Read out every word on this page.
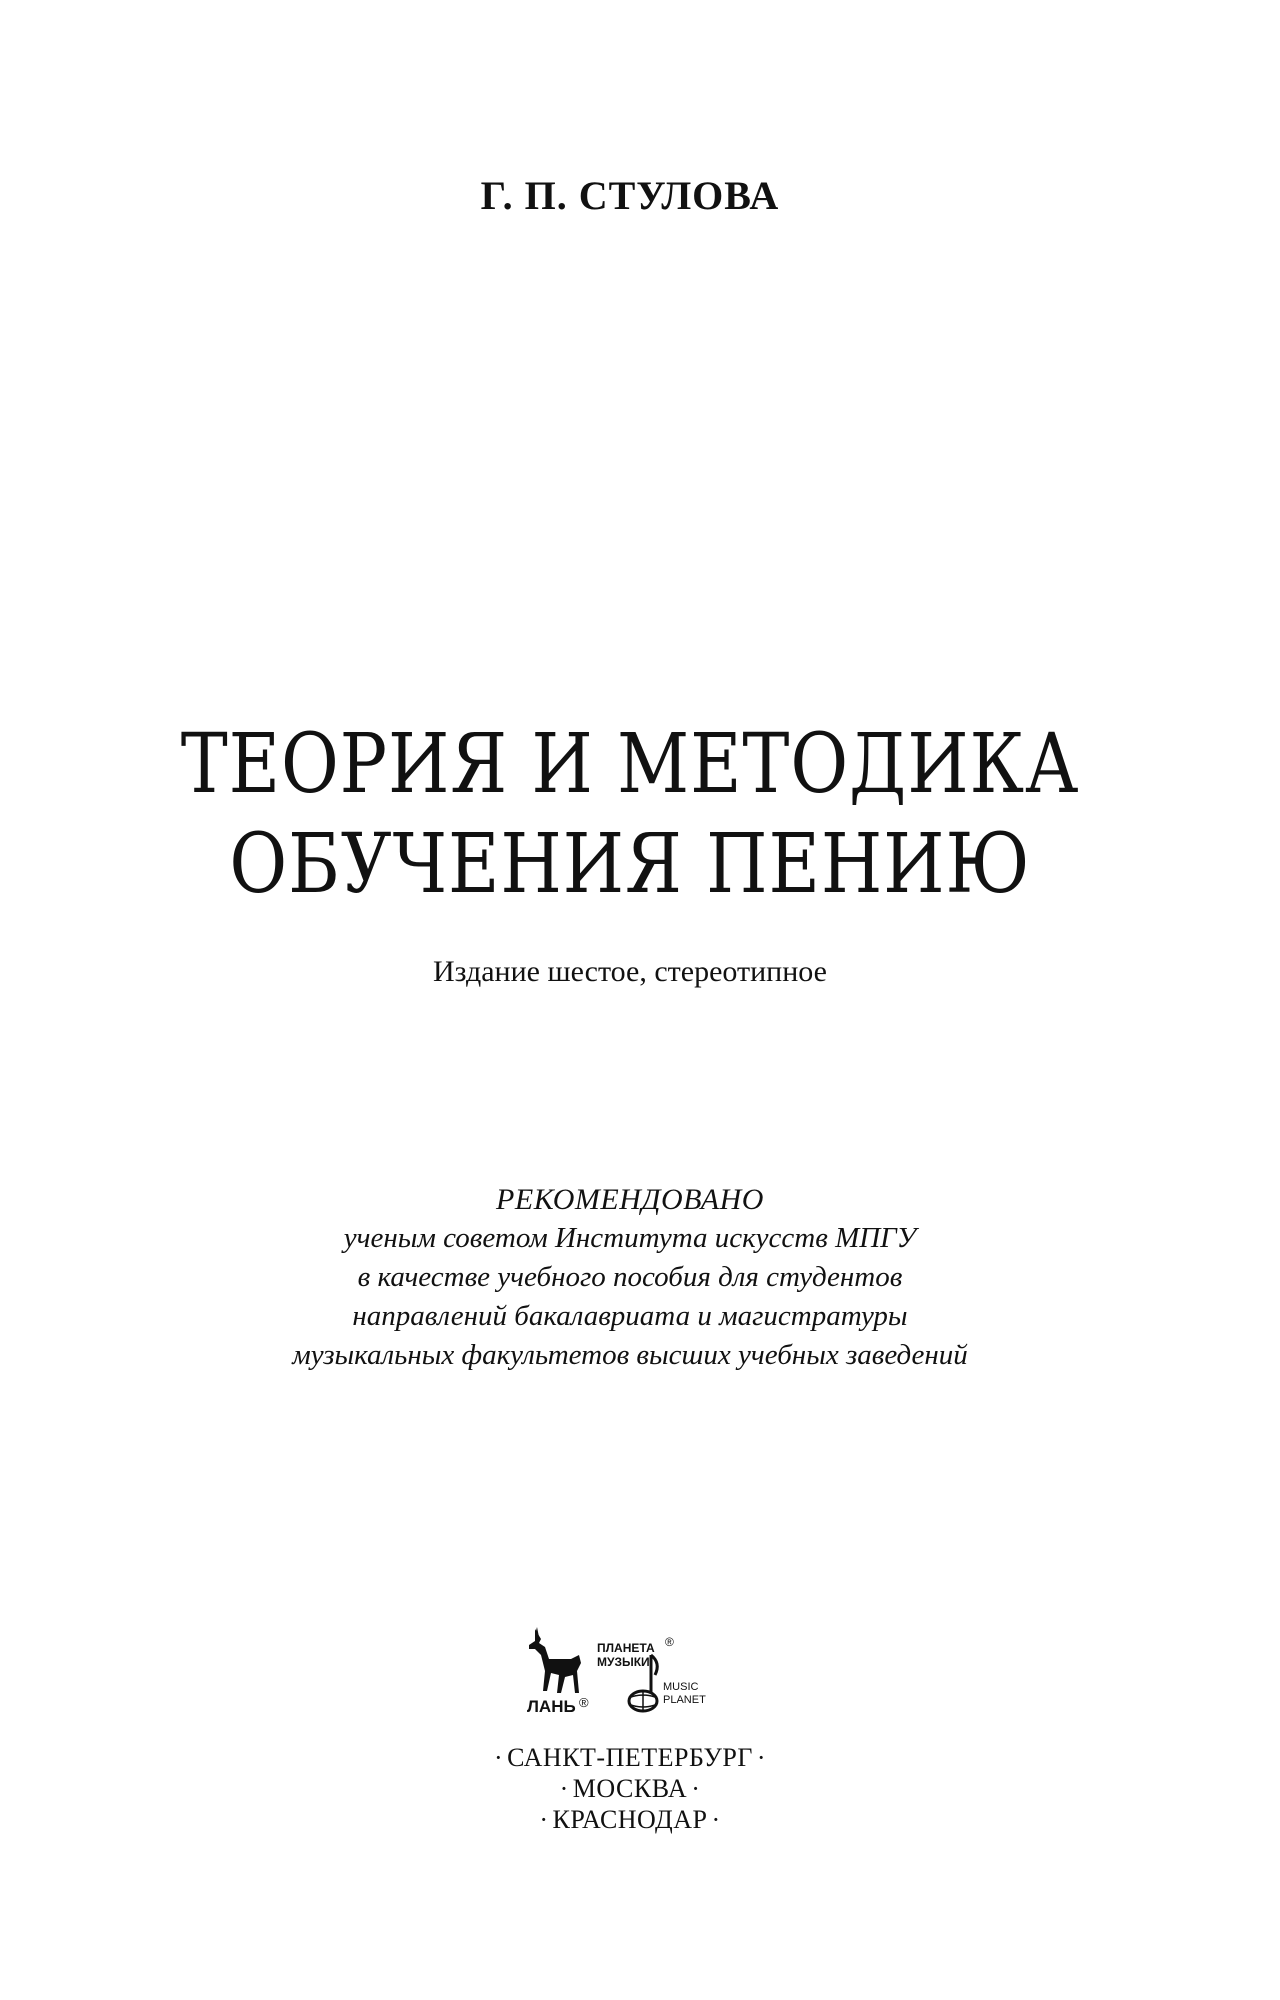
Г. П. СТУЛОВА
ТЕОРИЯ И МЕТОДИКА
ОБУЧЕНИЯ ПЕНИЮ
Издание шестое, стереотипное
РЕКОМЕНДОВАНО
ученым советом Института искусств МПГУ
в качестве учебного пособия для студентов
направлений бакалавриата и магистратуры
музыкальных факультетов высших учебных заведений
ЛАНЬ ®
ПЛАНЕТА
МУЗЫКИ
®
MUSIC
PLANET
· САНКТ-ПЕТЕРБУРГ ·
· МОСКВА ·
· КРАСНОДАР ·
